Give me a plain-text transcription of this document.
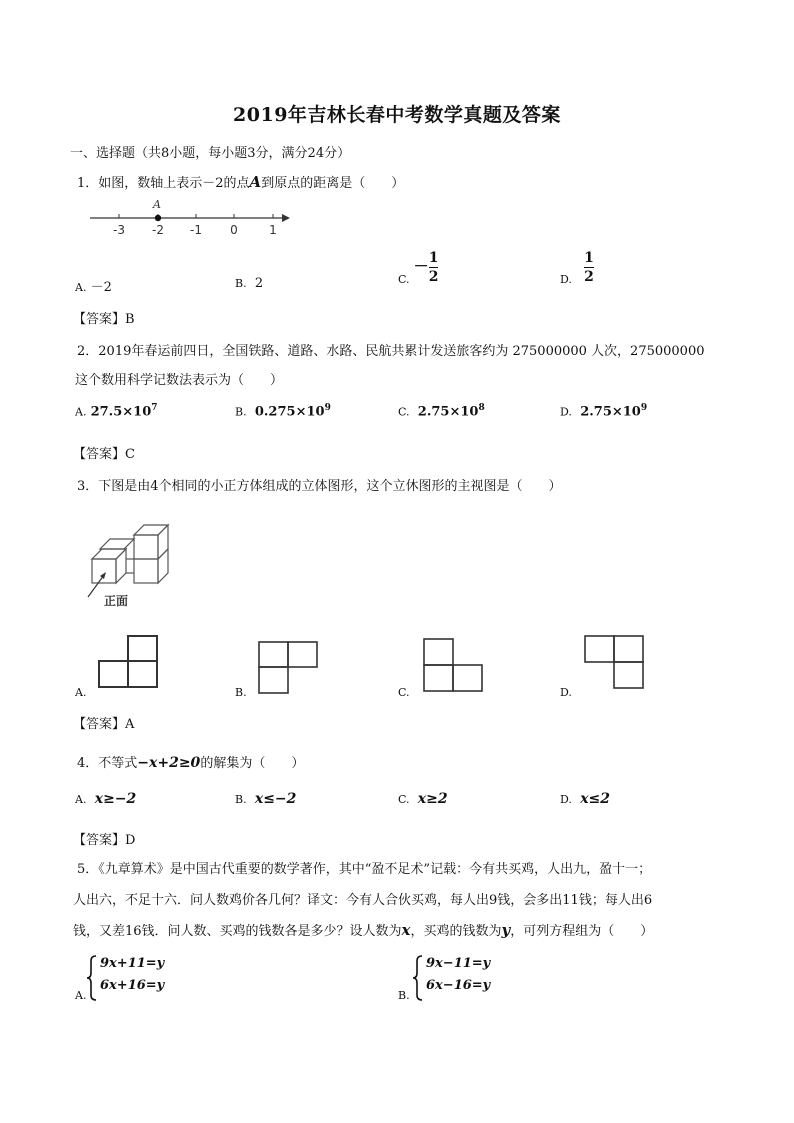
2019年吉林长春中考数学真题及答案
一、选择题（共8小题，每小题3分，满分24分）
1．如图，数轴上表示－2的点A到原点的距离是（　　）
A
-3 -2 -1 0	1
A. －2	B. 2	$_{C.} - \frac{1}{2}$	$_{D.} \frac{1}{2}$
【答案】B
2．2019年春运前四日，全国铁路、道路、水路、民航共累计发送旅客约为 275000000 人次，275000000
这个数用科学记数法表示为（　　）
A. $27.5\times 10^7$	B. $0.275\times 10^9$	C. $2.75\times 10^8$	D. $2.75\times 10^9$
【答案】C
3．下图是由4个相同的小正方体组成的立体图形，这个立休图形的主视图是（　　）
正面
A.	B.	C.	D.
【答案】A
4．不等式−x+2≥0的解集为（　　）
A. x≥−2	B. x≤−2	C. x≥2	D. x≤2
【答案】D
5．《九章算术》是中国古代重要的数学著作，其中“盈不足术”记载：今有共买鸡，人出九，盈十一；
人出六，不足十六．问人数鸡价各几何？译文：今有人合伙买鸡，每人出9钱，会多出11钱；每人出6
钱，又差16钱．问人数、买鸡的钱数各是多少？设人数为x，买鸡的钱数为y，可列方程组为（　　）
A.
9x+11=y
6x+16=y
B.
9x−11=y
6x−16=y
